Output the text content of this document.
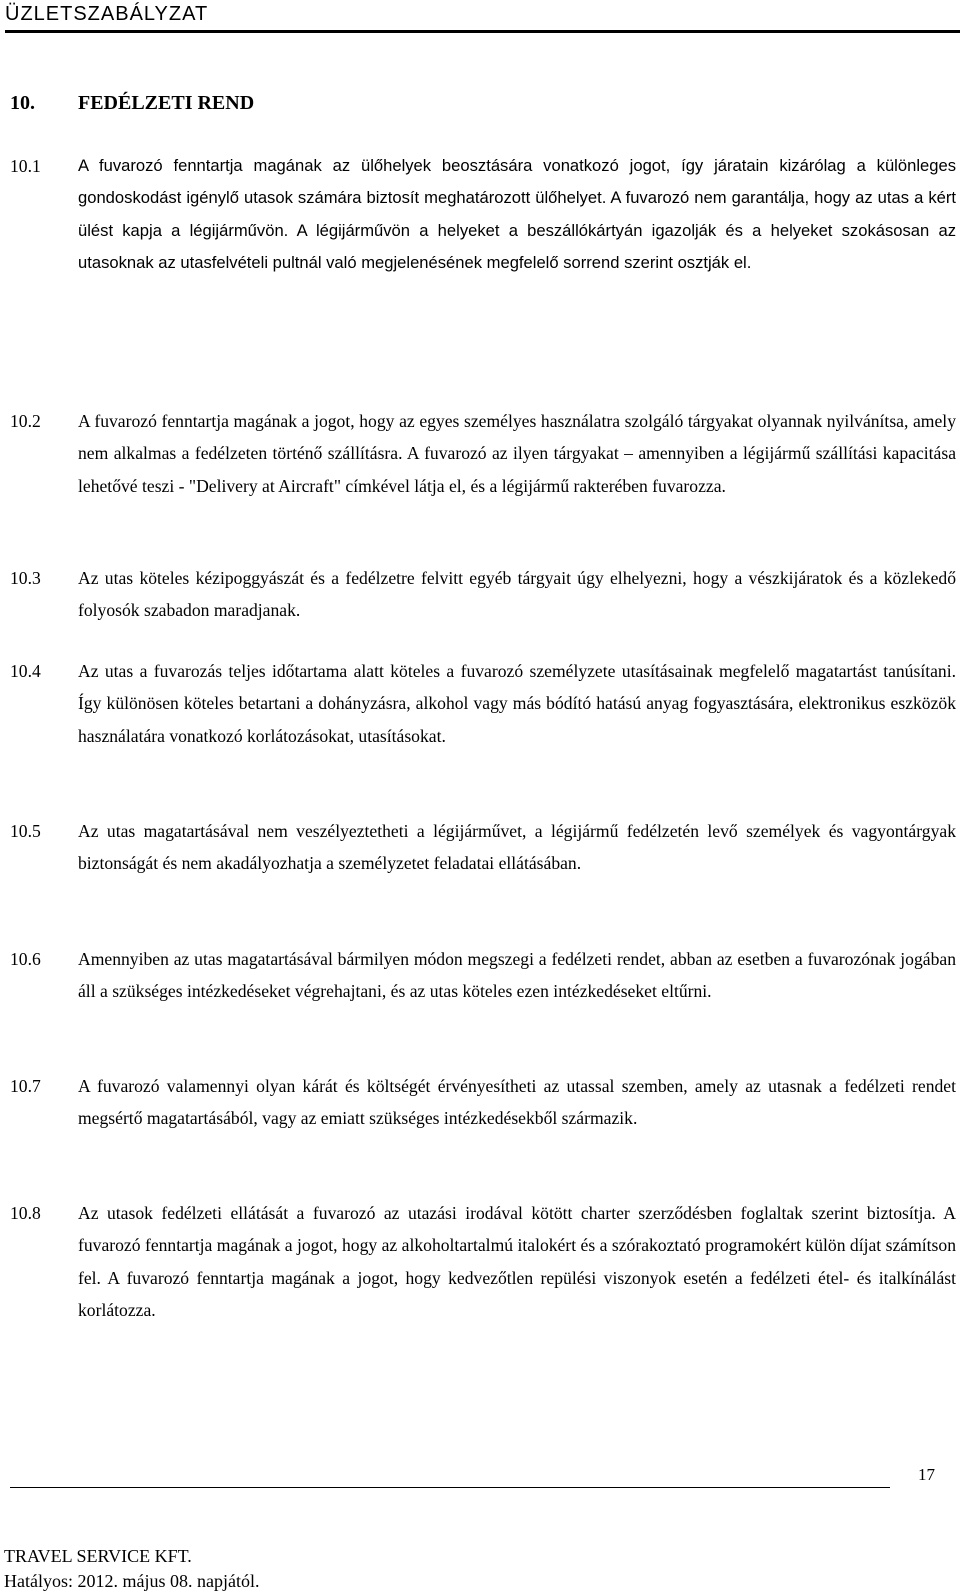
ÜZLETSZABÁLYZAT
10. FEDÉLZETI REND
10.1	A fuvarozó fenntartja magának az ülőhelyek beosztására vonatkozó jogot, így járatain kizárólag a különleges gondoskodást igénylő utasok számára biztosít meghatározott ülőhelyet. A fuvarozó nem garantálja, hogy az utas a kért ülést kapja a légijárművön. A légijárművön a helyeket a beszállókártyán igazolják és a helyeket szokásosan az utasoknak az utasfelvételi pultnál való megjelenésének megfelelő sorrend szerint osztják el.
10.2	A fuvarozó fenntartja magának a jogot, hogy az egyes személyes használatra szolgáló tárgyakat olyannak nyilvánítsa, amely nem alkalmas a fedélzeten történő szállításra. A fuvarozó az ilyen tárgyakat – amennyiben a légijármű szállítási kapacitása lehetővé teszi - "Delivery at Aircraft" címkével látja el, és a légijármű rakterében fuvarozza.
10.3	Az utas köteles kézipoggyászát és a fedélzetre felvitt egyéb tárgyait úgy elhelyezni, hogy a vészkijáratok és a közlekedő folyosók szabadon maradjanak.
10.4	Az utas a fuvarozás teljes időtartama alatt köteles a fuvarozó személyzete utasításainak megfelelő magatartást tanúsítani. Így különösen köteles betartani a dohányzásra, alkohol vagy más bódító hatású anyag fogyasztására, elektronikus eszközök használatára vonatkozó korlátozásokat, utasításokat.
10.5	Az utas magatartásával nem veszélyeztetheti a légijárművet, a légijármű fedélzetén levő személyek és vagyontárgyak biztonságát és nem akadályozhatja a személyzetet feladatai ellátásában.
10.6	Amennyiben az utas magatartásával bármilyen módon megszegi a fedélzeti rendet, abban az esetben a fuvarozónak jogában áll a szükséges intézkedéseket végrehajtani, és az utas köteles ezen intézkedéseket eltűrni.
10.7	A fuvarozó valamennyi olyan kárát és költségét érvényesítheti az utassal szemben, amely az utasnak a fedélzeti rendet megsértő magatartásából, vagy az emiatt szükséges intézkedésekből származik.
10.8	Az utasok fedélzeti ellátását a fuvarozó az utazási irodával kötött charter szerződésben foglaltak szerint biztosítja. A fuvarozó fenntartja magának a jogot, hogy az alkoholtartalmú italokért és a szórakoztató programokért külön díjat számítson fel. A fuvarozó fenntartja magának a jogot, hogy kedvezőtlen repülési viszonyok esetén a fedélzeti étel- és italkínálást korlátozza.
17
TRAVEL SERVICE KFT.
Hatályos: 2012. május 08. napjától.
